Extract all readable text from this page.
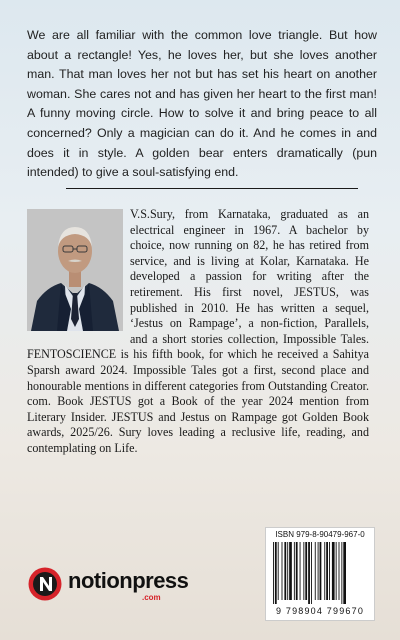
We are all familiar with the common love triangle. But how about a rectangle! Yes, he loves her, but she loves another man. That man loves her not but has set his heart on another woman. She cares not and has given her heart to the first man! A funny moving circle. How to solve it and bring peace to all concerned? Only a magician can do it. And he comes in and does it in style. A golden bear enters dramatically (pun intended) to give a soul-satisfying end.
V.S.Sury, from Karnataka, graduated as an electrical engineer in 1967. A bachelor by choice, now running on 82, he has retired from service, and is living at Kolar, Karnataka. He developed a passion for writing after the retirement. His first novel, JESTUS, was published in 2010. He has written a sequel, ‘Jestus on Rampage’, a non-fiction, Parallels, and a short stories collection, Impossible Tales. FENTOSCIENCE is his fifth book, for which he received a Sahitya Sparsh award 2024. Impossible Tales got a first, second place and honourable mentions in different categories from Outstanding Creator. com. Book JESTUS got a Book of the year 2024 mention from Literary Insider. JESTUS and Jestus on Rampage got Golden Book awards, 2025/26. Sury loves leading a reclusive life, reading, and contemplating on Life.
notionpress
.com
ISBN 979-8-90479-967-0
9 798904 799670
